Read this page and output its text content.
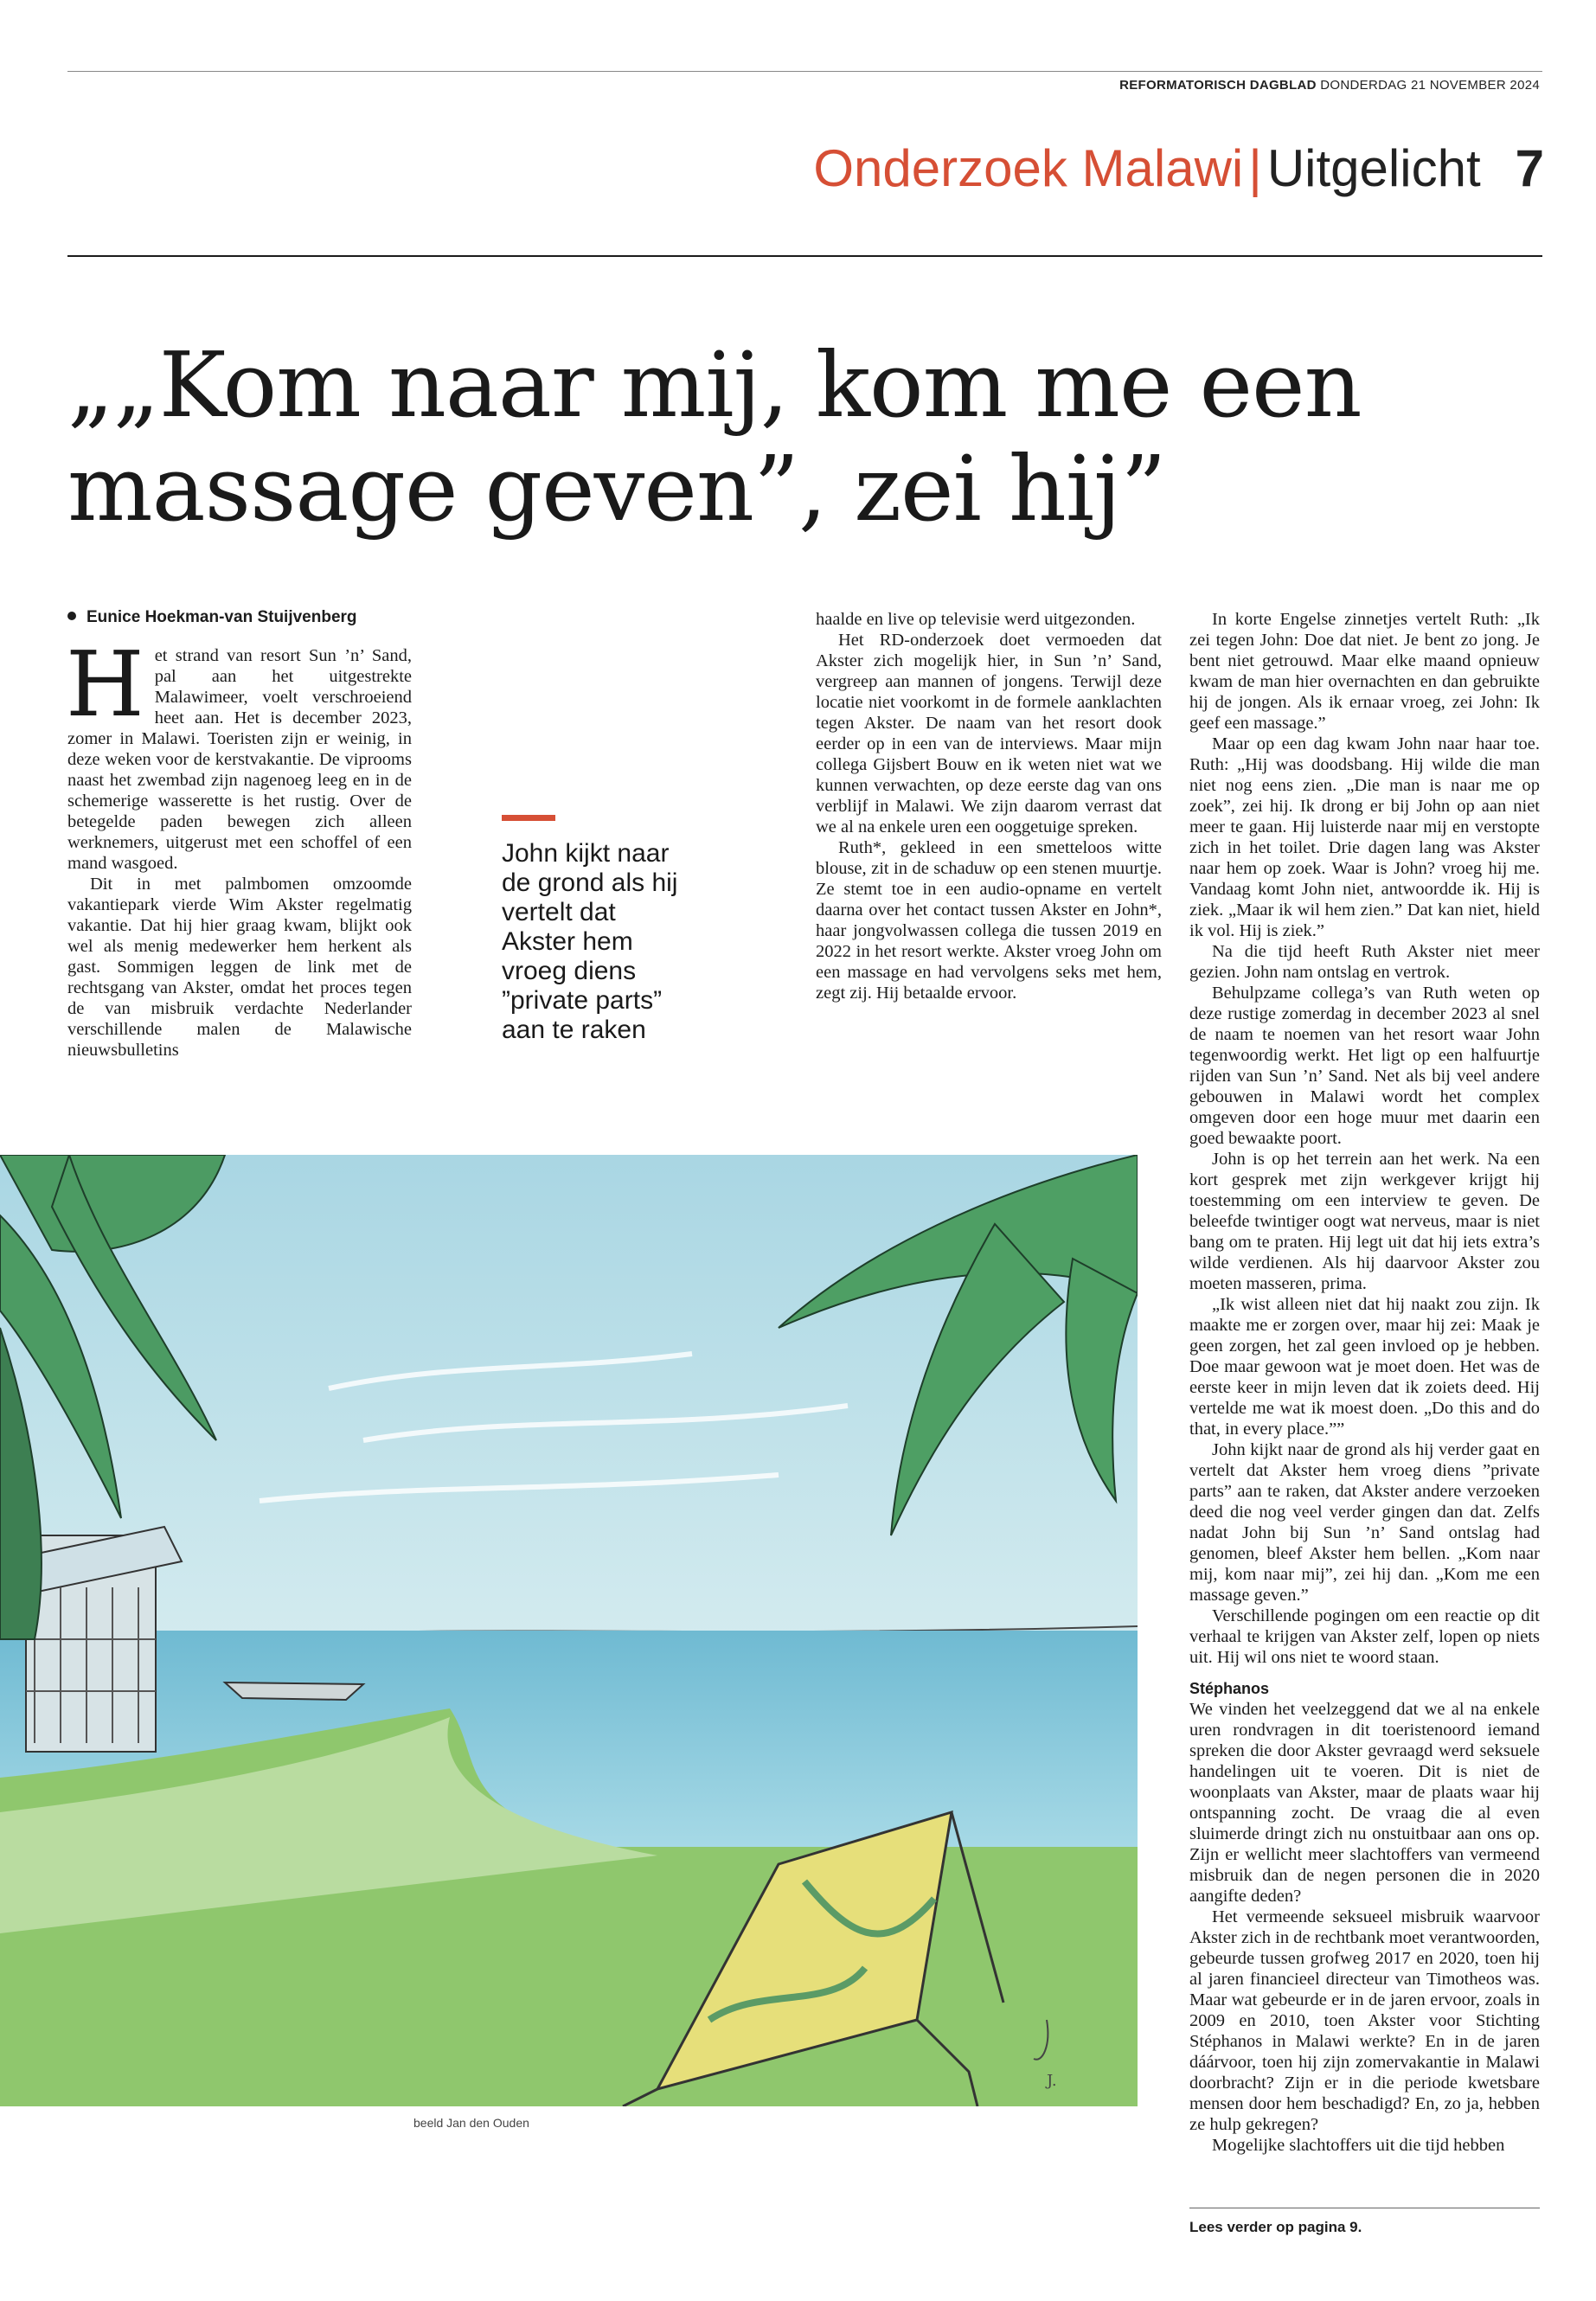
REFORMATORISCH DAGBLAD DONDERDAG 21 NOVEMBER 2024
Onderzoek Malawi | Uitgelicht 7
„„Kom naar mij, kom me een massage geven”, zei hij”
Eunice Hoekman-van Stuijvenberg

Het strand van resort Sun ’n’ Sand, pal aan het uitgestrekte Malawimeer, voelt verschroeiend heet aan. Het is december 2023, zomer in Malawi. Toeristen zijn er weinig, in deze weken voor de kerstvakantie. De viprooms naast het zwembad zijn nagenoeg leeg en in de schemerige wasserette is het rustig. Over de betegelde paden bewegen zich alleen werknemers, uitgerust met een schoffel of een mand wasgoed.

Dit in met palmbomen omzoomde vakantiepark vierde Wim Akster regelmatig vakantie. Dat hij hier graag kwam, blijkt ook wel als menig medewerker hem herkent als gast. Sommigen leggen de link met de rechtsgang van Akster, omdat het proces tegen de van misbruik verdachte Nederlander verschillende malen de Malawische nieuwsbulletins

John kijkt naar de grond als hij vertelt dat Akster hem vroeg diens ”private parts” aan te raken

haalde en live op televisie werd uitgezonden.

Het RD-onderzoek doet vermoeden dat Akster zich mogelijk hier, in Sun ’n’ Sand, vergreep aan mannen of jongens. Terwijl deze locatie niet voorkomt in de formele aanklachten tegen Akster. De naam van het resort dook eerder op in een van de interviews. Maar mijn collega Gijsbert Bouw en ik weten niet wat we kunnen verwachten, op deze eerste dag van ons verblijf in Malawi. We zijn daarom verrast dat we al na enkele uren een ooggetuige spreken.

Ruth*, gekleed in een smetteloos witte blouse, zit in de schaduw op een stenen muurtje. Ze stemt toe in een audio-opname en vertelt daarna over het contact tussen Akster en John*, haar jongvolwassen collega die tussen 2019 en 2022 in het resort werkte. Akster vroeg John om een massage en had vervolgens seks met hem, zegt zij. Hij betaalde ervoor.

In korte Engelse zinnetjes vertelt Ruth: „Ik zei tegen John: Doe dat niet. Je bent zo jong. Je bent niet getrouwd. Maar elke maand opnieuw kwam de man hier overnachten en dan gebruikte hij de jongen. Als ik ernaar vroeg, zei John: Ik geef een massage.”

Maar op een dag kwam John naar haar toe. Ruth: „Hij was doodsbang. Hij wilde die man niet nog eens zien. „Die man is naar me op zoek”, zei hij. Ik drong er bij John op aan niet meer te gaan. Hij luisterde naar mij en verstopte zich in het toilet. Drie dagen lang was Akster naar hem op zoek. Waar is John? vroeg hij me. Vandaag komt John niet, antwoordde ik. Hij is ziek. „Maar ik wil hem zien.” Dat kan niet, hield ik vol. Hij is ziek.”

Na die tijd heeft Ruth Akster niet meer gezien. John nam ontslag en vertrok.

Behulpzame collega’s van Ruth weten op deze rustige zomerdag in december 2023 al snel de naam te noemen van het resort waar John tegenwoordig werkt. Het ligt op een halfuurtje rijden van Sun ’n’ Sand. Net als bij veel andere gebouwen in Malawi wordt het complex omgeven door een hoge muur met daarin een goed bewaakte poort.

John is op het terrein aan het werk. Na een kort gesprek met zijn werkgever krijgt hij toestemming om een interview te geven. De beleefde twintiger oogt wat nerveus, maar is niet bang om te praten. Hij legt uit dat hij iets extra’s wilde verdienen. Als hij daarvoor Akster zou moeten masseren, prima.

„Ik wist alleen niet dat hij naakt zou zijn. Ik maakte me er zorgen over, maar hij zei: Maak je geen zorgen, het zal geen invloed op je hebben. Doe maar gewoon wat je moet doen. Het was de eerste keer in mijn leven dat ik zoiets deed. Hij vertelde me wat ik moest doen. „Do this and do that, in every place.””

John kijkt naar de grond als hij verder gaat en vertelt dat Akster hem vroeg diens ”private parts” aan te raken, dat Akster andere verzoeken deed die nog veel verder gingen dan dat. Zelfs nadat John bij Sun ’n’ Sand ontslag had genomen, bleef Akster hem bellen. „Kom naar mij, kom naar mij”, zei hij dan. „Kom me een massage geven.”

Verschillende pogingen om een reactie op dit verhaal te krijgen van Akster zelf, lopen op niets uit. Hij wil ons niet te woord staan.

Stéphanos

We vinden het veelzeggend dat we al na enkele uren rondvragen in dit toeristenoord iemand spreken die door Akster gevraagd werd seksuele handelingen uit te voeren. Dit is niet de woonplaats van Akster, maar de plaats waar hij ontspanning zocht. De vraag die al even sluimerde dringt zich nu onstuitbaar aan ons op. Zijn er wellicht meer slachtoffers van vermeend misbruik dan de negen personen die in 2020 aangifte deden?

Het vermeende seksueel misbruik waarvoor Akster zich in de rechtbank moet verantwoorden, gebeurde tussen grofweg 2017 en 2020, toen hij al jaren financieel directeur van Timotheos was. Maar wat gebeurde er in de jaren ervoor, zoals in 2009 en 2010, toen Akster voor Stichting Stéphanos in Malawi werkte? En in de jaren dáárvoor, toen hij zijn zomervakantie in Malawi doorbracht? Zijn er in die periode kwetsbare mensen door hem beschadigd? En, zo ja, hebben ze hulp gekregen?

Mogelijke slachtoffers uit die tijd hebben

Lees verder op pagina 9.
beeld Jan den Ouden
J.
